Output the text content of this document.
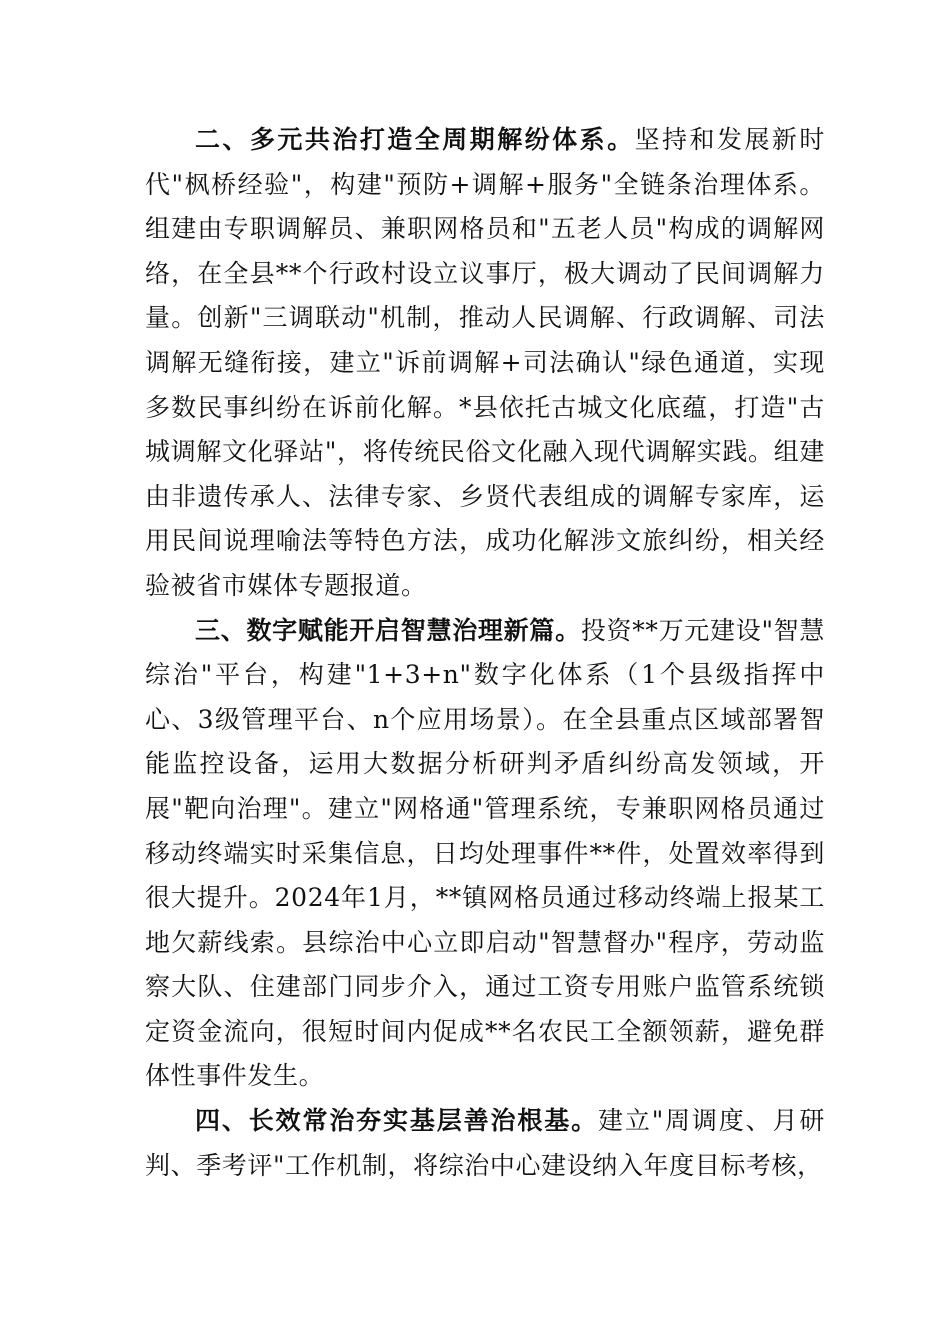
二、多元共治打造全周期解纷体系。坚持和发展新时代"枫桥经验"，构建"预防+调解+服务"全链条治理体系。组建由专职调解员、兼职网格员和"五老人员"构成的调解网络，在全县**个行政村设立议事厅，极大调动了民间调解力量。创新"三调联动"机制，推动人民调解、行政调解、司法调解无缝衔接，建立"诉前调解+司法确认"绿色通道，实现多数民事纠纷在诉前化解。*县依托古城文化底蕴，打造"古城调解文化驿站"，将传统民俗文化融入现代调解实践。组建由非遗传承人、法律专家、乡贤代表组成的调解专家库，运用民间说理喻法等特色方法，成功化解涉文旅纠纷，相关经验被省市媒体专题报道。

三、数字赋能开启智慧治理新篇。投资**万元建设"智慧综治"平台，构建"1+3+n"数字化体系（1个县级指挥中心、3级管理平台、n个应用场景）。在全县重点区域部署智能监控设备，运用大数据分析研判矛盾纠纷高发领域，开展"靶向治理"。建立"网格通"管理系统，专兼职网格员通过移动终端实时采集信息，日均处理事件**件，处置效率得到很大提升。2024年1月，**镇网格员通过移动终端上报某工地欠薪线索。县综治中心立即启动"智慧督办"程序，劳动监察大队、住建部门同步介入，通过工资专用账户监管系统锁定资金流向，很短时间内促成**名农民工全额领薪，避免群体性事件发生。

四、长效常治夯实基层善治根基。建立"周调度、月研判、季考评"工作机制，将综治中心建设纳入年度目标考核，
